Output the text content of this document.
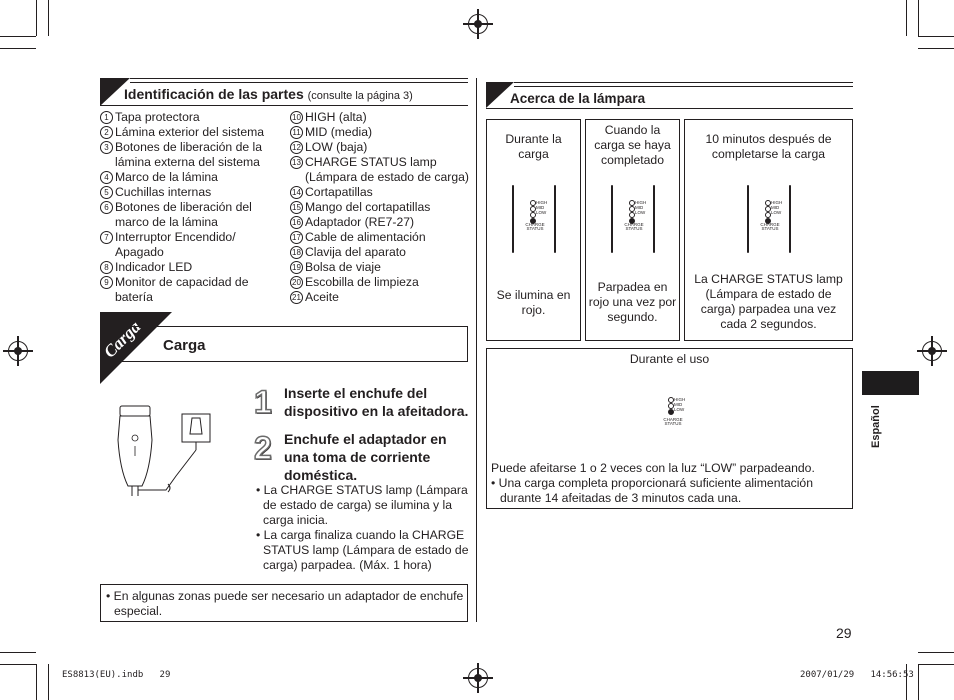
Identificación de las partes (consulte la página 3)
1 Tapa protectora
2 Lámina exterior del sistema
3 Botones de liberación de la lámina externa del sistema
4 Marco de la lámina
5 Cuchillas internas
6 Botones de liberación del marco de la lámina
7 Interruptor Encendido/ Apagado
8 Indicador LED
9 Monitor de capacidad de batería
10 HIGH (alta)
11 MID (media)
12 LOW (baja)
13 CHARGE STATUS lamp (Lámpara de estado de carga)
14 Cortapatillas
15 Mango del cortapatillas
16 Adaptador (RE7-27)
17 Cable de alimentación
18 Clavija del aparato
19 Bolsa de viaje
20 Escobilla de limpieza
21 Aceite
Carga Carga
1 Inserte el enchufe del dispositivo en la afeitadora.
2 Enchufe el adaptador en una toma de corriente doméstica.
• La CHARGE STATUS lamp (Lámpara de estado de carga) se ilumina y la carga inicia.
• La carga finaliza cuando la CHARGE STATUS lamp (Lámpara de estado de carga) parpadea. (Máx. 1 hora)
• En algunas zonas puede ser necesario un adaptador de enchufe especial.
Acerca de la lámpara
Durante la carga
HIGH
MID
LOW
CHARGE
STATUS
Se ilumina en rojo.
Cuando la carga se haya completado
HIGH
MID
LOW
CHARGE
STATUS
Parpadea en rojo una vez por segundo.
10 minutos después de completarse la carga
HIGH
MID
LOW
CHARGE
STATUS
La CHARGE STATUS lamp (Lámpara de estado de carga) parpadea una vez cada 2 segundos.
Durante el uso
HIGH
MID
LOW
CHARGE
STATUS
Puede afeitarse 1 o 2 veces con la luz “LOW” parpadeando.
• Una carga completa proporcionará suficiente alimentación durante 14 afeitadas de 3 minutos cada una.
Español
29
ES8813(EU).indb   29	2007/01/29   14:56:53
